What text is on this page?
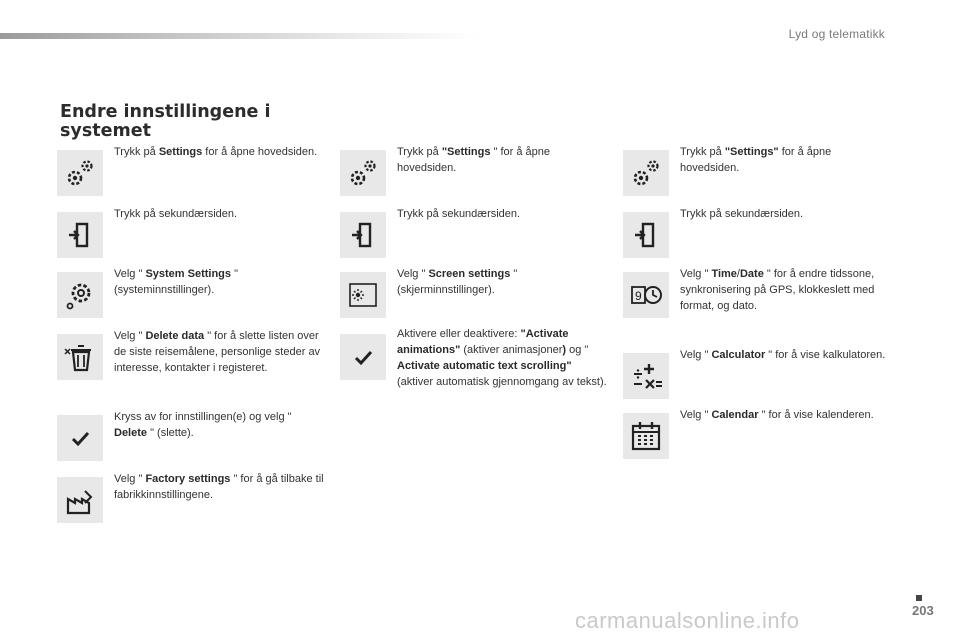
Lyd og telematikk
Endre innstillingene i systemet
Trykk på Settings for å åpne hovedsiden.
Trykk på sekundærsiden.
Velg " System Settings " (systeminnstillinger).
Velg " Delete data " for å slette listen over de siste reisemålene, personlige steder av interesse, kontakter i registeret.
Kryss av for innstillingen(e) og velg " Delete " (slette).
Velg " Factory settings " for å gå tilbake til fabrikkinnstillingene.
Trykk på "Settings " for å åpne hovedsiden.
Trykk på sekundærsiden.
Velg " Screen settings " (skjerminnstillinger).
Aktivere eller deaktivere: "Activate animations" (aktiver animasjoner) og " Activate automatic text scrolling" (aktiver automatisk gjennomgang av tekst).
Trykk på "Settings" for å åpne hovedsiden.
Trykk på sekundærsiden.
9
Velg " Time/Date " for å endre tidssone, synkronisering på GPS, klokkeslett med format, og dato.
Velg " Calculator " for å vise kalkulatoren.
Velg " Calendar " for å vise kalenderen.
203
carmanualsonline.info
